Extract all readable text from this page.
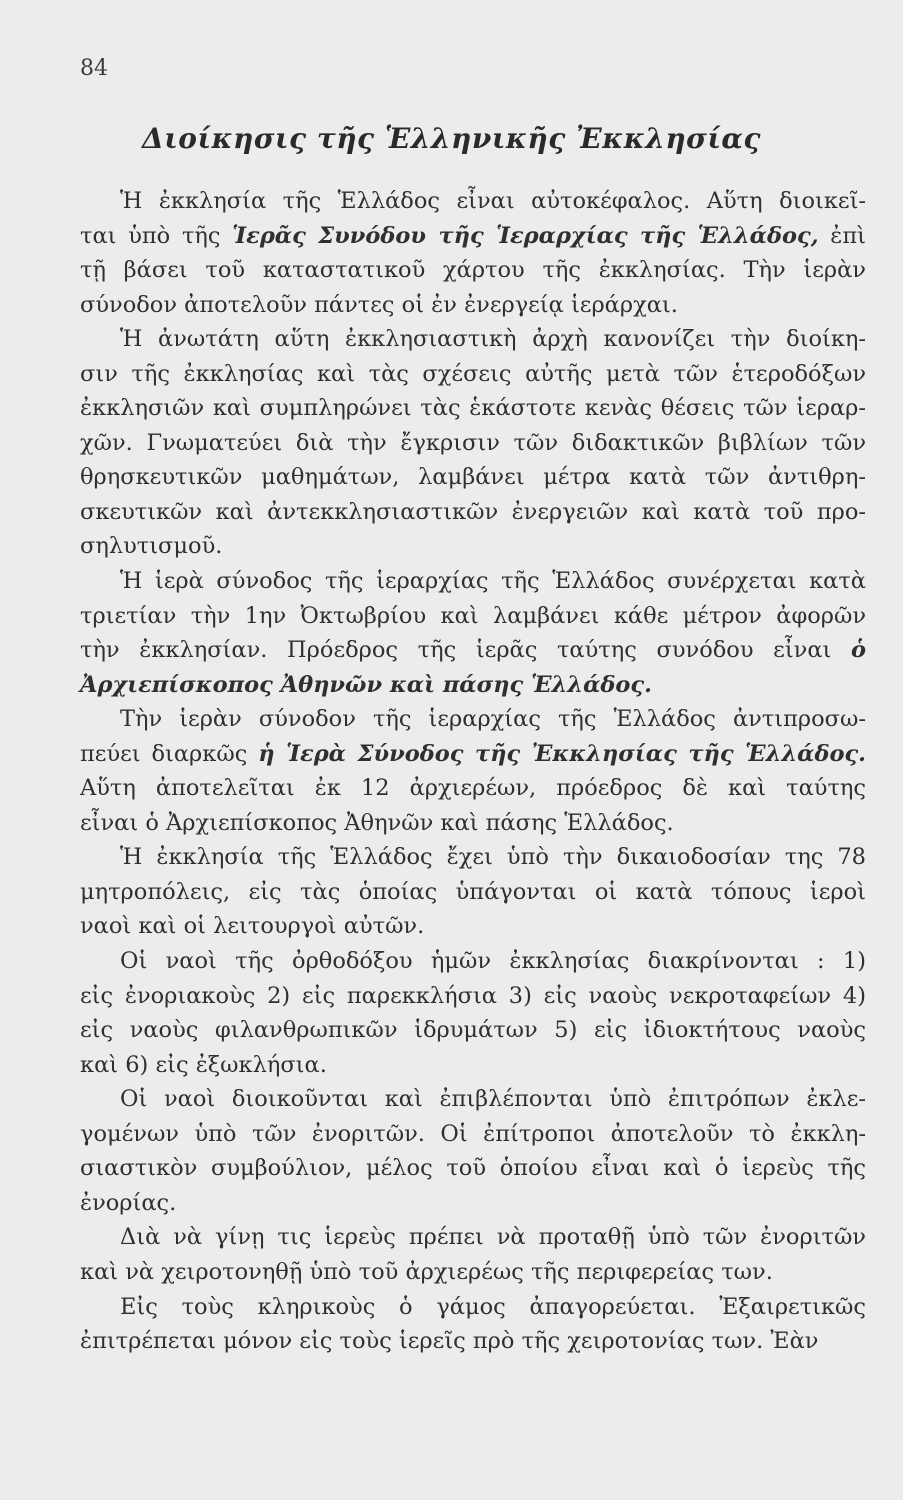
84
Διοίκησις τῆς Ἑλληνικῆς Ἐκκλησίας
Ἡ ἐκκλησία τῆς Ἑλλάδος εἶναι αὐτοκέφαλος. Αὕτη διοικεῖ-
ται ὑπὸ τῆς Ἱερᾶς Συνόδου τῆς Ἱεραρχίας τῆς Ἑλλάδος, ἐπὶ
τῇ βάσει τοῦ καταστατικοῦ χάρτου τῆς ἐκκλησίας. Τὴν ἱερὰν
σύνοδον ἀποτελοῦν πάντες οἱ ἐν ἐνεργείᾳ ἱεράρχαι.
Ἡ ἀνωτάτη αὕτη ἐκκλησιαστικὴ ἀρχὴ κανονίζει τὴν διοίκη-
σιν τῆς ἐκκλησίας καὶ τὰς σχέσεις αὐτῆς μετὰ τῶν ἑτεροδόξων
ἐκκλησιῶν καὶ συμπληρώνει τὰς ἑκάστοτε κενὰς θέσεις τῶν ἱεραρ-
χῶν. Γνωματεύει διὰ τὴν ἔγκρισιν τῶν διδακτικῶν βιβλίων τῶν
θρησκευτικῶν μαθημάτων, λαμβάνει μέτρα κατὰ τῶν ἀντιθρη-
σκευτικῶν καὶ ἀντεκκλησιαστικῶν ἐνεργειῶν καὶ κατὰ τοῦ προ-
σηλυτισμοῦ.
Ἡ ἱερὰ σύνοδος τῆς ἱεραρχίας τῆς Ἑλλάδος συνέρχεται κατὰ
τριετίαν τὴν 1ην Ὀκτωβρίου καὶ λαμβάνει κάθε μέτρον ἀφορῶν
τὴν ἐκκλησίαν. Πρόεδρος τῆς ἱερᾶς ταύτης συνόδου εἶναι ὁ
Ἀρχιεπίσκοπος Ἀθηνῶν καὶ πάσης Ἑλλάδος.
Τὴν ἱερὰν σύνοδον τῆς ἱεραρχίας τῆς Ἑλλάδος ἀντιπροσω-
πεύει διαρκῶς ἡ Ἱερὰ Σύνοδος τῆς Ἐκκλησίας τῆς Ἑλλάδος.
Αὕτη ἀποτελεῖται ἐκ 12 ἀρχιερέων, πρόεδρος δὲ καὶ ταύτης
εἶναι ὁ Ἀρχιεπίσκοπος Ἀθηνῶν καὶ πάσης Ἑλλάδος.
Ἡ ἐκκλησία τῆς Ἑλλάδος ἔχει ὑπὸ τὴν δικαιοδοσίαν της 78
μητροπόλεις, εἰς τὰς ὁποίας ὑπάγονται οἱ κατὰ τόπους ἱεροὶ
ναοὶ καὶ οἱ λειτουργοὶ αὐτῶν.
Οἱ ναοὶ τῆς ὀρθοδόξου ἡμῶν ἐκκλησίας διακρίνονται : 1)
εἰς ἐνοριακοὺς 2) εἰς παρεκκλήσια 3) εἰς ναοὺς νεκροταφείων 4)
εἰς ναοὺς φιλανθρωπικῶν ἱδρυμάτων 5) εἰς ἰδιοκτήτους ναοὺς
καὶ 6) εἰς ἐξωκλήσια.
Οἱ ναοὶ διοικοῦνται καὶ ἐπιβλέπονται ὑπὸ ἐπιτρόπων ἐκλε-
γομένων ὑπὸ τῶν ἐνοριτῶν. Οἱ ἐπίτροποι ἀποτελοῦν τὸ ἐκκλη-
σιαστικὸν συμβούλιον, μέλος τοῦ ὁποίου εἶναι καὶ ὁ ἱερεὺς τῆς
ἐνορίας.
Διὰ νὰ γίνῃ τις ἱερεὺς πρέπει νὰ προταθῇ ὑπὸ τῶν ἐνοριτῶν
καὶ νὰ χειροτονηθῇ ὑπὸ τοῦ ἀρχιερέως τῆς περιφερείας των.
Εἰς τοὺς κληρικοὺς ὁ γάμος ἀπαγορεύεται. Ἐξαιρετικῶς
ἐπιτρέπεται μόνον εἰς τοὺς ἱερεῖς πρὸ τῆς χειροτονίας των. Ἐὰν
